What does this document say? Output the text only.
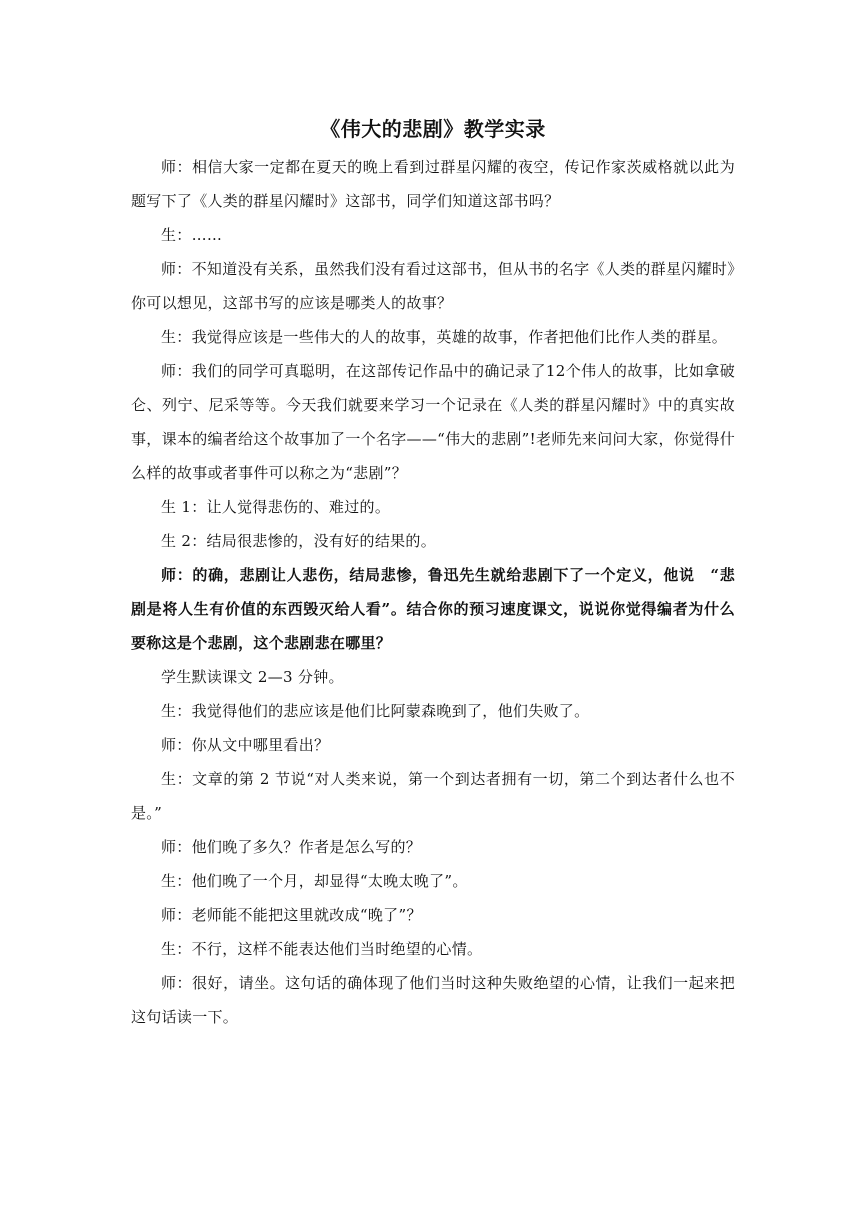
《伟大的悲剧》教学实录

师：相信大家一定都在夏天的晚上看到过群星闪耀的夜空，传记作家茨威格就以此为题写下了《人类的群星闪耀时》这部书，同学们知道这部书吗？

生：……

师：不知道没有关系，虽然我们没有看过这部书，但从书的名字《人类的群星闪耀时》你可以想见，这部书写的应该是哪类人的故事？

生：我觉得应该是一些伟大的人的故事，英雄的故事，作者把他们比作人类的群星。

师：我们的同学可真聪明，在这部传记作品中的确记录了12个伟人的故事，比如拿破仑、列宁、尼采等等。今天我们就要来学习一个记录在《人类的群星闪耀时》中的真实故事，课本的编者给这个故事加了一个名字——“伟大的悲剧”!老师先来问问大家，你觉得什么样的故事或者事件可以称之为“悲剧”？

生 1：让人觉得悲伤的、难过的。

生 2：结局很悲惨的，没有好的结果的。

师：的确，悲剧让人悲伤，结局悲惨，鲁迅先生就给悲剧下了一个定义，他说　“悲剧是将人生有价值的东西毁灭给人看”。结合你的预习速度课文，说说你觉得编者为什么要称这是个悲剧，这个悲剧悲在哪里？

学生默读课文 2—3 分钟。

生：我觉得他们的悲应该是他们比阿蒙森晚到了，他们失败了。

师：你从文中哪里看出？

生：文章的第 2 节说“对人类来说，第一个到达者拥有一切，第二个到达者什么也不是。”

师：他们晚了多久？作者是怎么写的？

生：他们晚了一个月，却显得“太晚太晚了”。

师：老师能不能把这里就改成“晚了”？

生：不行，这样不能表达他们当时绝望的心情。

师：很好，请坐。这句话的确体现了他们当时这种失败绝望的心情，让我们一起来把这句话读一下。
